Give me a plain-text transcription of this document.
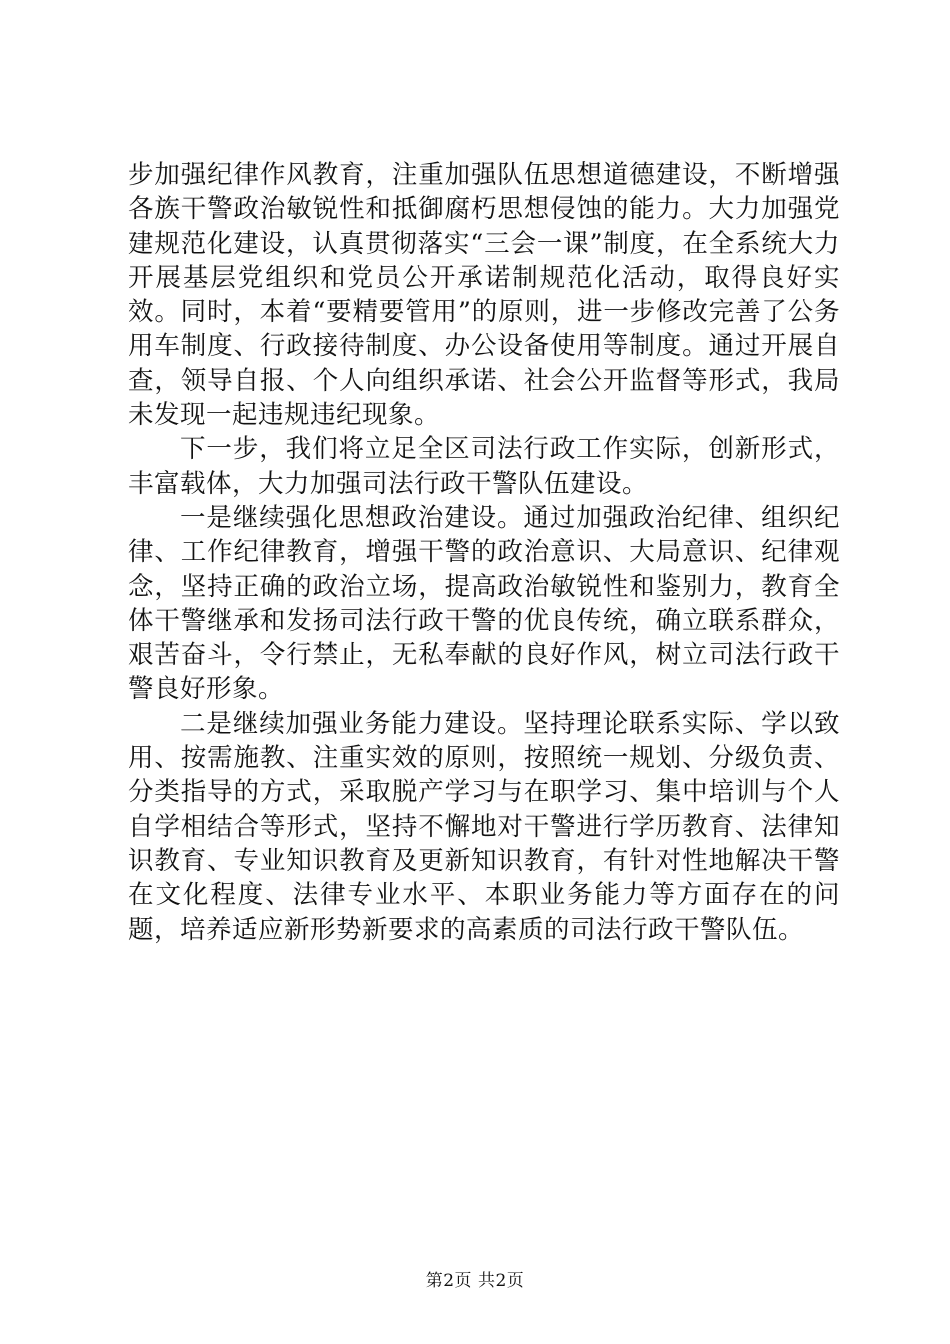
步加强纪律作风教育，注重加强队伍思想道德建设，不断增强各族干警政治敏锐性和抵御腐朽思想侵蚀的能力。大力加强党建规范化建设，认真贯彻落实“三会一课”制度，在全系统大力开展基层党组织和党员公开承诺制规范化活动，取得良好实效。同时，本着“要精要管用”的原则，进一步修改完善了公务用车制度、行政接待制度、办公设备使用等制度。通过开展自查，领导自报、个人向组织承诺、社会公开监督等形式，我局未发现一起违规违纪现象。

下一步，我们将立足全区司法行政工作实际，创新形式，丰富载体，大力加强司法行政干警队伍建设。

一是继续强化思想政治建设。通过加强政治纪律、组织纪律、工作纪律教育，增强干警的政治意识、大局意识、纪律观念，坚持正确的政治立场，提高政治敏锐性和鉴别力，教育全体干警继承和发扬司法行政干警的优良传统，确立联系群众，艰苦奋斗，令行禁止，无私奉献的良好作风，树立司法行政干警良好形象。

二是继续加强业务能力建设。坚持理论联系实际、学以致用、按需施教、注重实效的原则，按照统一规划、分级负责、分类指导的方式，采取脱产学习与在职学习、集中培训与个人自学相结合等形式，坚持不懈地对干警进行学历教育、法律知识教育、专业知识教育及更新知识教育，有针对性地解决干警在文化程度、法律专业水平、本职业务能力等方面存在的问题，培养适应新形势新要求的高素质的司法行政干警队伍。

第2页 共2页
